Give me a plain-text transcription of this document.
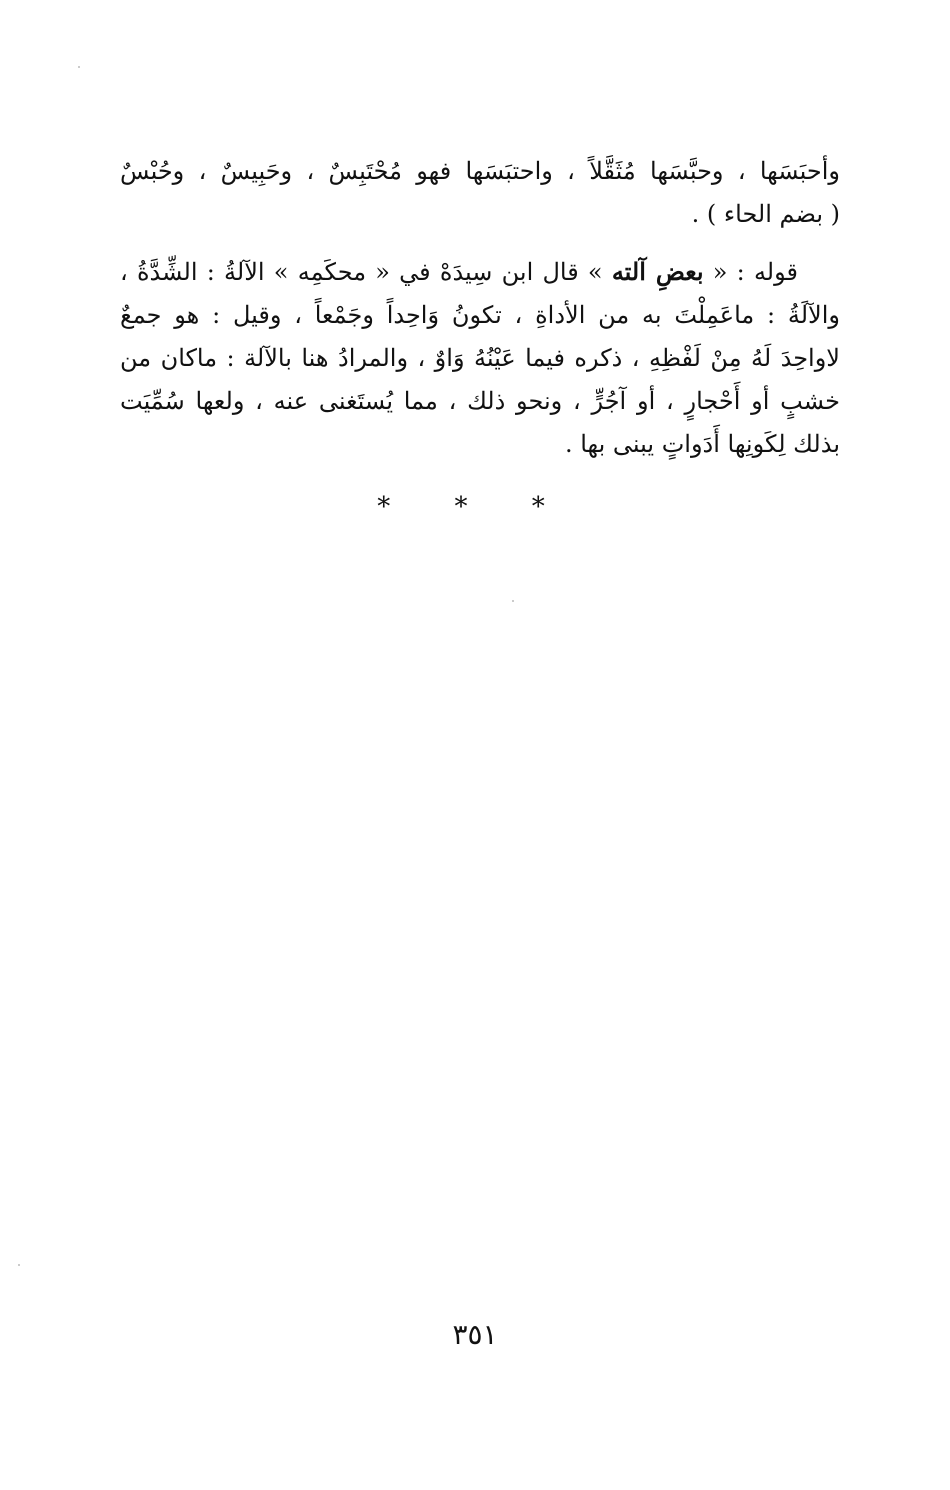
وأحبَسَها ، وحبَّسَها مُثَقَّلاً ، واحتبَسَها فهو مُحْتَبِسٌ ، وحَبِيسٌ ، وحُبْسٌ
( بضم الحاء ) .
قوله : « بعضِ آلته » قال ابن سِيدَهْ في « محكَمِه » الآلةُ : الشِّدَّةُ ،
والآلَةُ : ماعَمِلْتَ به من الأداةِ ، تكونُ وَاحِداً وجَمْعاً ، وقيل : هو جمعٌ
لاواحِدَ لَهُ مِنْ لَفْظِهِ ، ذكره فيما عَيْنُهُ وَاوٌ ، والمرادُ هنا بالآلة : ماكان من
خشبٍ أو أَحْجارٍ ، أو آجُرٍّ ، ونحو ذلك ، مما يُستَغنى عنه ، ولعها سُمِّيَت
بذلك لِكَونِها أَدَواتٍ يبنى بها .
* * *
٣٥١
